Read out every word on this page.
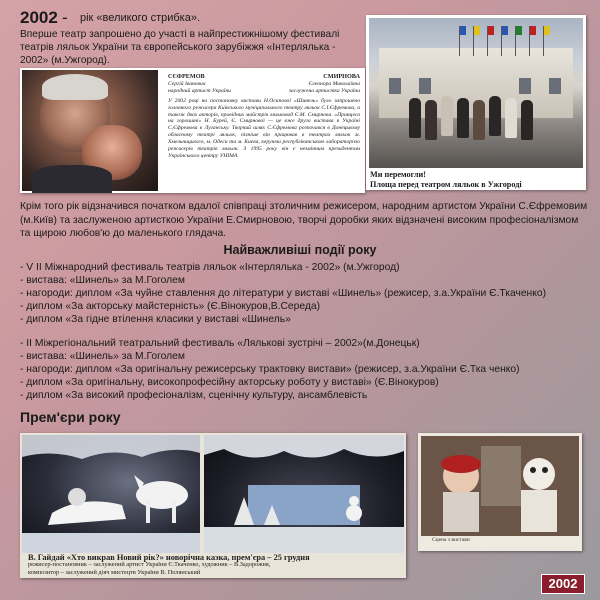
2002 - рік «великого стрибка».
Вперше театр запрошено до участі в найпрестижнішому фестивалі театрів ляльок України та європейського зарубіжжя «Інтерлялька - 2002» (м.Ужгород).
СЄФРЕМОВ	СМИРНОВА
Сергій Іванович	Єлеонора Миколаївна
народний артист України	заслужена артистка України
У 2002 році на постановку вистави Н.Осипової «Шинель» було запрошено головного режисера Київського муніципального театру ляльок С.І.Єфремова, а також двох акторів, провідних майстрів ляльковод Є.М. Смирнова. «Принцеса на горошині» Н. Бурей, Є. Смирнової — це вже друга вистава в Україні С.Єфремова в Луганську. Творчий шлях С.Єфремова розпочався в Донецькому обласному театрі ляльок, пізніше він працював в театрах ляльок м. Хмельницького, м. Одеси та м. Києва, керуючи республіканською лабораторією режисерів театрів ляльок. З 1995 року він є незмінним президентом Українського центру УНІМА.
Ми перемогли!
Площа перед театром ляльок в Ужгороді
Крім того рік відзначився початком вдалої співпраці зтоличним режисером, народним артистом України С.Єфремовим (м.Київ) та заслуженою артисткою України Е.Смирновою, творчі доробки яких відзначені високим професіоналізмом та щирою любов'ю до маленького глядача.
Найважливіші події року
- V ІІ Міжнародний фестиваль театрів ляльок «Інтерлялька - 2002» (м.Ужгород)
- вистава: «Шинель» за М.Гоголем
- нагороди: диплом «За чуйне ставлення до літератури у виставі «Шинель» (режисер, з.а.України Є.Ткаченко)
- диплом «За акторську майстерність» (Є.Вінокуров,В.Середа)
- диплом «За гідне втілення класики у виставі «Шинель»
- ІІ Міжрегіональний театральний фестиваль «Ляльковi зустрiчi – 2002»(м.Донецьк)
- вистава: «Шинель» за М.Гоголем
- нагороди: диплом «За оригінальну режисерську трактовку вистави» (режисер, з.а.України Є.Тка ченко)
- диплом «За оригінальну, високопрофесійну акторську роботу у виставі» (Є.Вінокуров)
- диплом «За високий професіоналізм, сценічну культуру, ансамблевість
Прем'єри року
В. Гайдай «Хто викрав Новий рік?» новорічна казка, прем'єра – 25 грудня
режисер-постановник – заслужений артист України Є.Ткаченко, художник – В.Задорожня,
композитор – заслужений діяч мистецтв України В. Полянський
Сцена з вистави
2002
